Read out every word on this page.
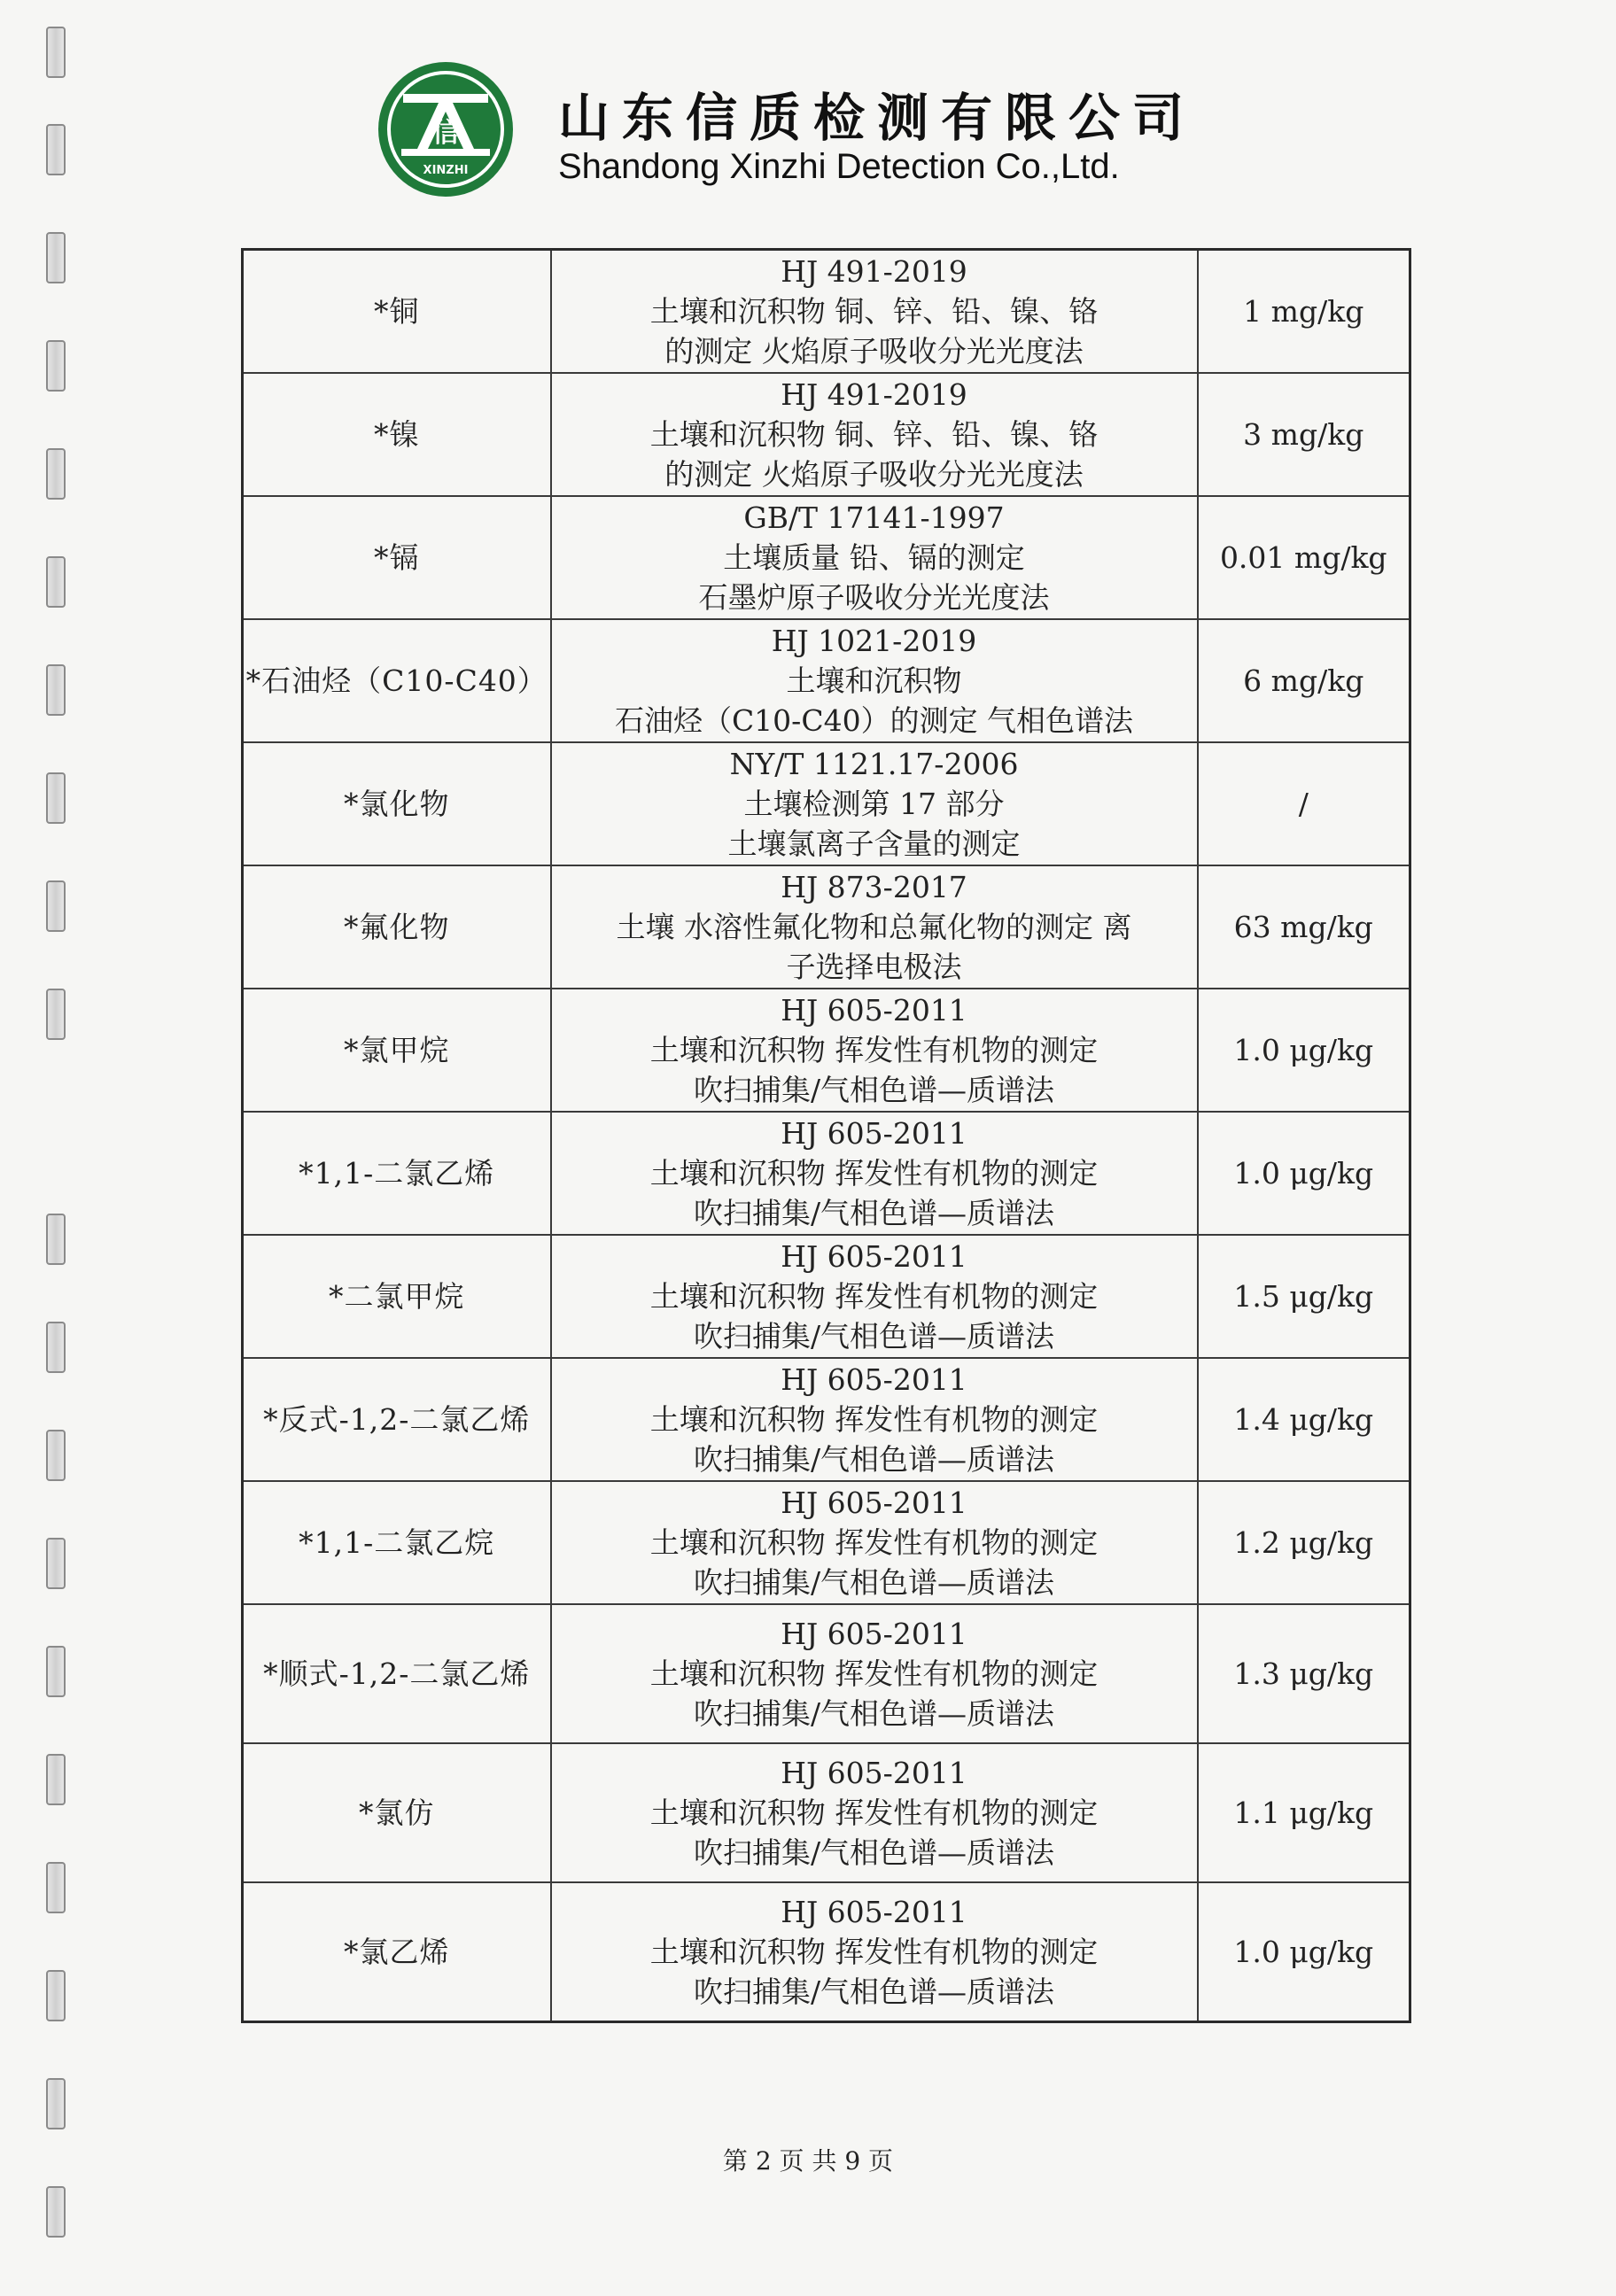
信
XINZHI
山东信质检测有限公司
Shandong Xinzhi Detection Co.,Ltd.
*铜	HJ 491-2019
土壤和沉积物 铜、锌、铅、镍、铬
的测定 火焰原子吸收分光光度法	1 mg/kg
*镍	HJ 491-2019
土壤和沉积物 铜、锌、铅、镍、铬
的测定 火焰原子吸收分光光度法	3 mg/kg
*镉	GB/T 17141-1997
土壤质量 铅、镉的测定
石墨炉原子吸收分光光度法	0.01 mg/kg
*石油烃（C10-C40）	HJ 1021-2019
土壤和沉积物
石油烃（C10-C40）的测定 气相色谱法	6 mg/kg
*氯化物	NY/T 1121.17-2006
土壤检测第 17 部分
土壤氯离子含量的测定	/
*氟化物	HJ 873-2017
土壤 水溶性氟化物和总氟化物的测定 离
子选择电极法	63 mg/kg
*氯甲烷	HJ 605-2011
土壤和沉积物 挥发性有机物的测定
吹扫捕集/气相色谱—质谱法	1.0 μg/kg
*1,1-二氯乙烯	HJ 605-2011
土壤和沉积物 挥发性有机物的测定
吹扫捕集/气相色谱—质谱法	1.0 μg/kg
*二氯甲烷	HJ 605-2011
土壤和沉积物 挥发性有机物的测定
吹扫捕集/气相色谱—质谱法	1.5 μg/kg
*反式-1,2-二氯乙烯	HJ 605-2011
土壤和沉积物 挥发性有机物的测定
吹扫捕集/气相色谱—质谱法	1.4 μg/kg
*1,1-二氯乙烷	HJ 605-2011
土壤和沉积物 挥发性有机物的测定
吹扫捕集/气相色谱—质谱法	1.2 μg/kg
*顺式-1,2-二氯乙烯	HJ 605-2011
土壤和沉积物 挥发性有机物的测定
吹扫捕集/气相色谱—质谱法	1.3 μg/kg
*氯仿	HJ 605-2011
土壤和沉积物 挥发性有机物的测定
吹扫捕集/气相色谱—质谱法	1.1 μg/kg
*氯乙烯	HJ 605-2011
土壤和沉积物 挥发性有机物的测定
吹扫捕集/气相色谱—质谱法	1.0 μg/kg
第 2 页 共 9 页
